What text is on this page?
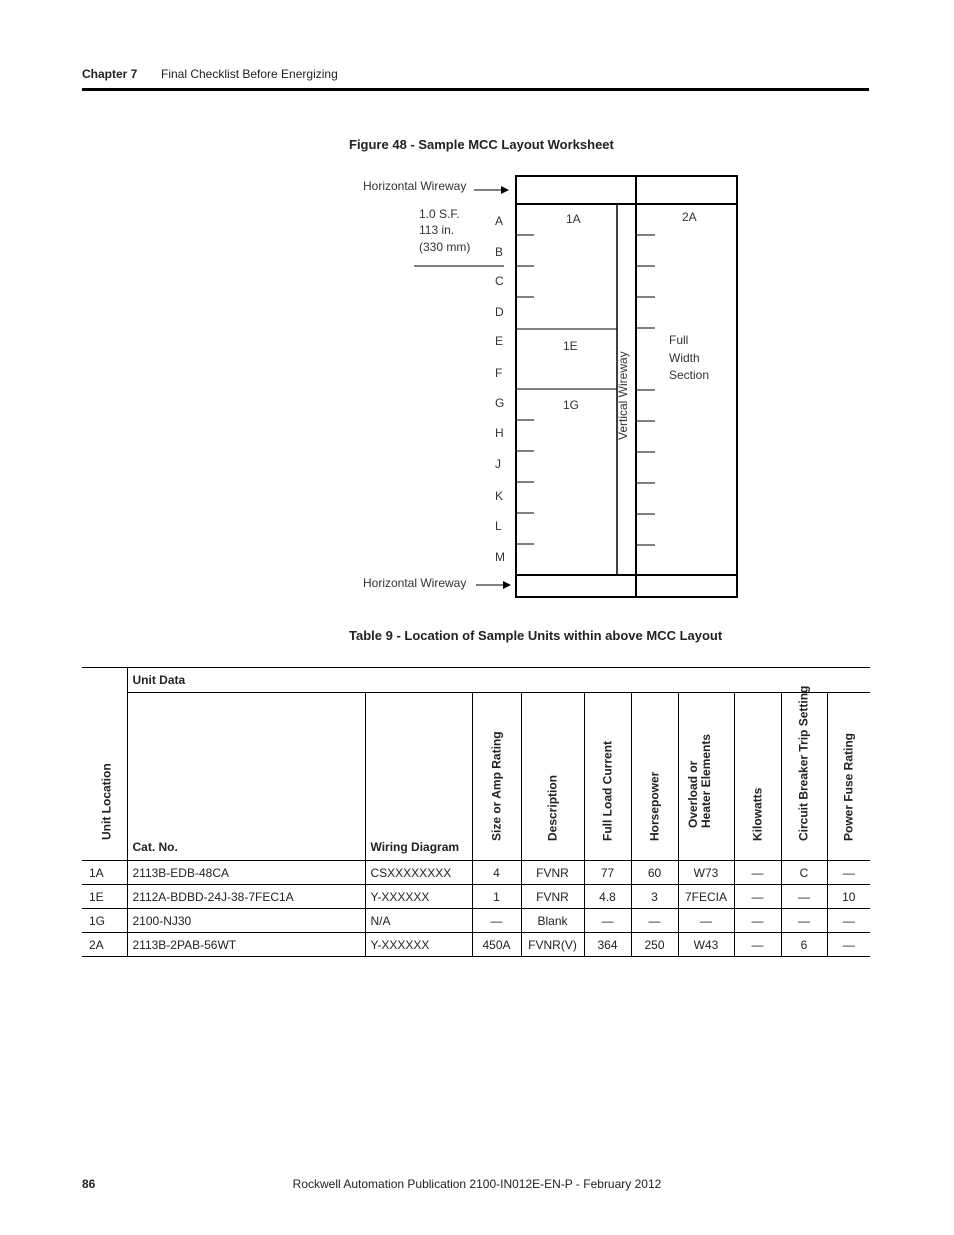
Chapter 7 Final Checklist Before Energizing
Figure 48 - Sample MCC Layout Worksheet
Horizontal Wireway
Horizontal Wireway
1.0 S.F.
113 in.
(330 mm)
A
B
C
D
E
F
G
H
J
K
L
M
1A
1E
1G
2A
Vertical Wireway
Full
Width
Section
Table 9 - Location of Sample Units within above MCC Layout
Unit Location	Unit Data									
	Cat. No.	Wiring Diagram	Size or Amp Rating	Description	Full Load Current	Horsepower	Overload or
Heater Elements	Kilowatts	Circuit Breaker Trip Setting	Power Fuse Rating

1A	2113B-EDB-48CA	CSXXXXXXXX	4	FVNR	77	60	W73	—	C	—
1E	2112A-BDBD-24J-38-7FEC1A	Y-XXXXXX	1	FVNR	4.8	3	7FECIA	—	—	10
1G	2100-NJ30	N/A	—	Blank	—	—	—	—	—	—
2A	2113B-2PAB-56WT	Y-XXXXXX	450A	FVNR(V)	364	250	W43	—	6	—
86	Rockwell Automation Publication 2100-IN012E-EN-P - February 2012
